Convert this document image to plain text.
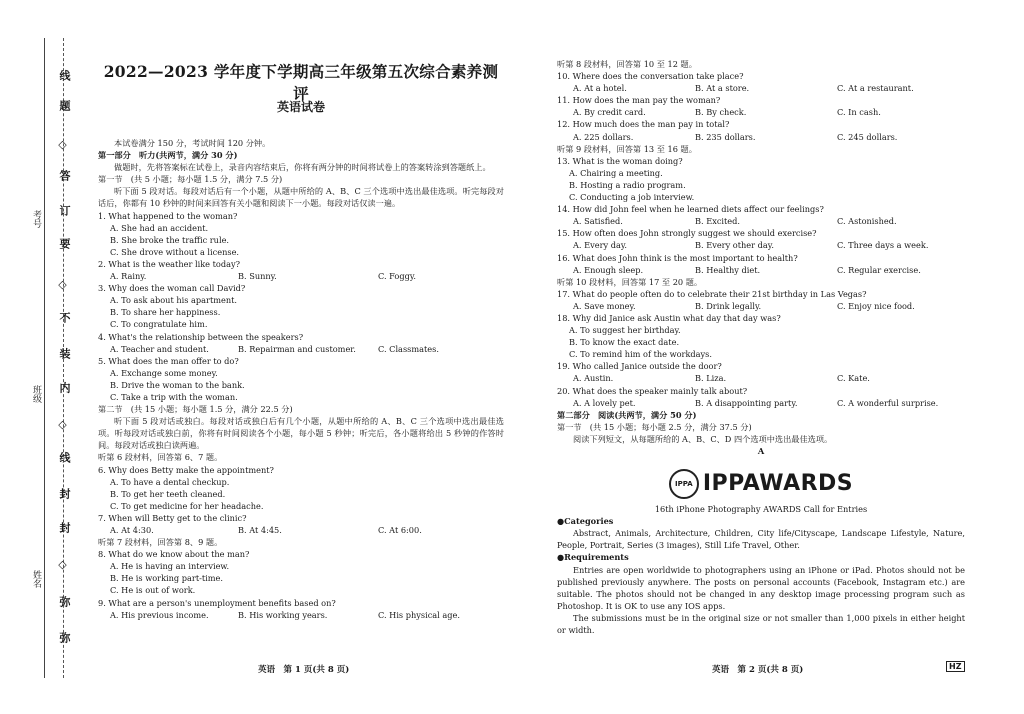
线
题
◇
答
订
要
◇
不
装
内
◇
线
封
封
◇
弥
弥
考号
班级
姓名
2022—2023 学年度下学期高三年级第五次综合素养测评
英语试卷

本试卷满分 150 分，考试时间 120 分钟。

第一部分　听力(共两节，满分 30 分)

做题时，先将答案标在试卷上，录音内容结束后，你将有两分钟的时间将试卷上的答案转涂到答题纸上。

第一节　(共 5 小题；每小题 1.5 分，满分 7.5 分)

听下面 5 段对话。每段对话后有一个小题，从题中所给的 A、B、C 三个选项中选出最佳选项。听完每段对话后，你都有 10 秒钟的时间来回答有关小题和阅读下一小题。每段对话仅读一遍。

1. What happened to the woman?

A. She had an accident.

B. She broke the traffic rule.

C. She drove without a license.

2. What is the weather like today?

A. Rainy.	B. Sunny.	C. Foggy.

3. Why does the woman call David?

A. To ask about his apartment.

B. To share her happiness.

C. To congratulate him.

4. What's the relationship between the speakers?

A. Teacher and student.	B. Repairman and customer.	C. Classmates.

5. What does the man offer to do?

A. Exchange some money.

B. Drive the woman to the bank.

C. Take a trip with the woman.

第二节　(共 15 小题；每小题 1.5 分，满分 22.5 分)

听下面 5 段对话或独白。每段对话或独白后有几个小题，从题中所给的 A、B、C 三个选项中选出最佳选项。听每段对话或独白前，你将有时间阅读各个小题，每小题 5 秒钟；听完后，各小题将给出 5 秒钟的作答时间。每段对话或独白读两遍。

听第 6 段材料，回答第 6、7 题。

6. Why does Betty make the appointment?

A. To have a dental checkup.

B. To get her teeth cleaned.

C. To get medicine for her headache.

7. When will Betty get to the clinic?

A. At 4:30.	B. At 4:45.	C. At 6:00.

听第 7 段材料，回答第 8、9 题。

8. What do we know about the man?

A. He is having an interview.

B. He is working part-time.

C. He is out of work.

9. What are a person's unemployment benefits based on?

A. His previous income.	B. His working years.	C. His physical age.

听第 8 段材料，回答第 10 至 12 题。

10. Where does the conversation take place?

A. At a hotel.	B. At a store.	C. At a restaurant.

11. How does the man pay the woman?

A. By credit card.	B. By check.	C. In cash.

12. How much does the man pay in total?

A. 225 dollars.	B. 235 dollars.	C. 245 dollars.

听第 9 段材料，回答第 13 至 16 题。

13. What is the woman doing?

A. Chairing a meeting.

B. Hosting a radio program.

C. Conducting a job interview.

14. How did John feel when he learned diets affect our feelings?

A. Satisfied.	B. Excited.	C. Astonished.

15. How often does John strongly suggest we should exercise?

A. Every day.	B. Every other day.	C. Three days a week.

16. What does John think is the most important to health?

A. Enough sleep.	B. Healthy diet.	C. Regular exercise.

听第 10 段材料，回答第 17 至 20 题。

17. What do people often do to celebrate their 21st birthday in Las Vegas?

A. Save money.	B. Drink legally.	C. Enjoy nice food.

18. Why did Janice ask Austin what day that day was?

A. To suggest her birthday.

B. To know the exact date.

C. To remind him of the workdays.

19. Who called Janice outside the door?

A. Austin.	B. Liza.	C. Kate.

20. What does the speaker mainly talk about?

A. A lovely pet.	B. A disappointing party.	C. A wonderful surprise.

第二部分　阅读(共两节，满分 50 分)

第一节　(共 15 小题；每小题 2.5 分，满分 37.5 分)

阅读下列短文，从每题所给的 A、B、C、D 四个选项中选出最佳选项。

A

IPPA IPPAWARDS

16th iPhone Photography AWARDS Call for Entries

●Categories

Abstract, Animals, Architecture, Children, City life/Cityscape, Landscape Lifestyle, Nature, People, Portrait, Series (3 images), Still Life Travel, Other.

●Requirements

Entries are open worldwide to photographers using an iPhone or iPad. Photos should not be published previously anywhere. The posts on personal accounts (Facebook, Instagram etc.) are suitable. The photos should not be changed in any desktop image processing program such as Photoshop. It is OK to use any IOS apps.

The submissions must be in the original size or not smaller than 1,000 pixels in either height or width.

英语　第 1 页(共 8 页)	英语　第 2 页(共 8 页)	HZ
